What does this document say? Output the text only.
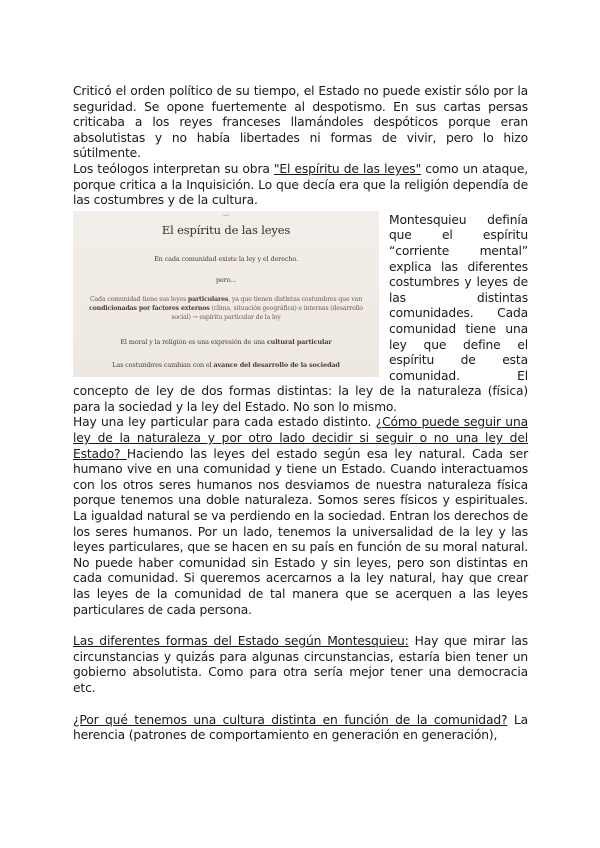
Criticó el orden político de su tiempo, el Estado no puede existir sólo por la seguridad. Se opone fuertemente al despotismo. En sus cartas persas criticaba a los reyes franceses llamándoles despóticos porque eran absolutistas y no había libertades ni formas de vivir, pero lo hizo sútilmente.

Los teólogos interpretan su obra "El espíritu de las leyes" como un ataque, porque critica a la Inquisición. Lo que decía era que la religión dependía de las costumbres y de la cultura.

⌣
El espíritu de las leyes
En cada comunidad existe la ley y el derecho.
pero...
Cada comunidad tiene sus leyes particulares, ya que tienen distintas costumbres que van condicionadas por factores externos (clima, situación geográfica) e internas (desarrollo social) → espíritu particular de la ley
El moral y la religión es una expresión de una cultural particular
Las costumbres cambian con el avance del desarrollo de la sociedad

Montesquieu definía que el espíritu “corriente mental” explica las diferentes costumbres y leyes de las distintas comunidades. Cada comunidad tiene una ley que define el espíritu de esta comunidad. El concepto de ley de dos formas distintas: la ley de la naturaleza (física) para la sociedad y la ley del Estado. No son lo mismo.

Hay una ley particular para cada estado distinto. ¿Cómo puede seguir una ley de la naturaleza y por otro lado decidir si seguir o no una ley del Estado? Haciendo las leyes del estado según esa ley natural. Cada ser humano vive en una comunidad y tiene un Estado. Cuando interactuamos con los otros seres humanos nos desviamos de nuestra naturaleza física porque tenemos una doble naturaleza. Somos seres físicos y espirituales. La igualdad natural se va perdiendo en la sociedad. Entran los derechos de los seres humanos. Por un lado, tenemos la universalidad de la ley y las leyes particulares, que se hacen en su país en función de su moral natural. No puede haber comunidad sin Estado y sin leyes, pero son distintas en cada comunidad. Si queremos acercarnos a la ley natural, hay que crear las leyes de la comunidad de tal manera que se acerquen a las leyes particulares de cada persona.

Las diferentes formas del Estado según Montesquieu: Hay que mirar las circunstancias y quizás para algunas circunstancias, estaría bien tener un gobierno absolutista. Como para otra sería mejor tener una democracia etc.

¿Por qué tenemos una cultura distinta en función de la comunidad? La herencia (patrones de comportamiento en generación en generación),
